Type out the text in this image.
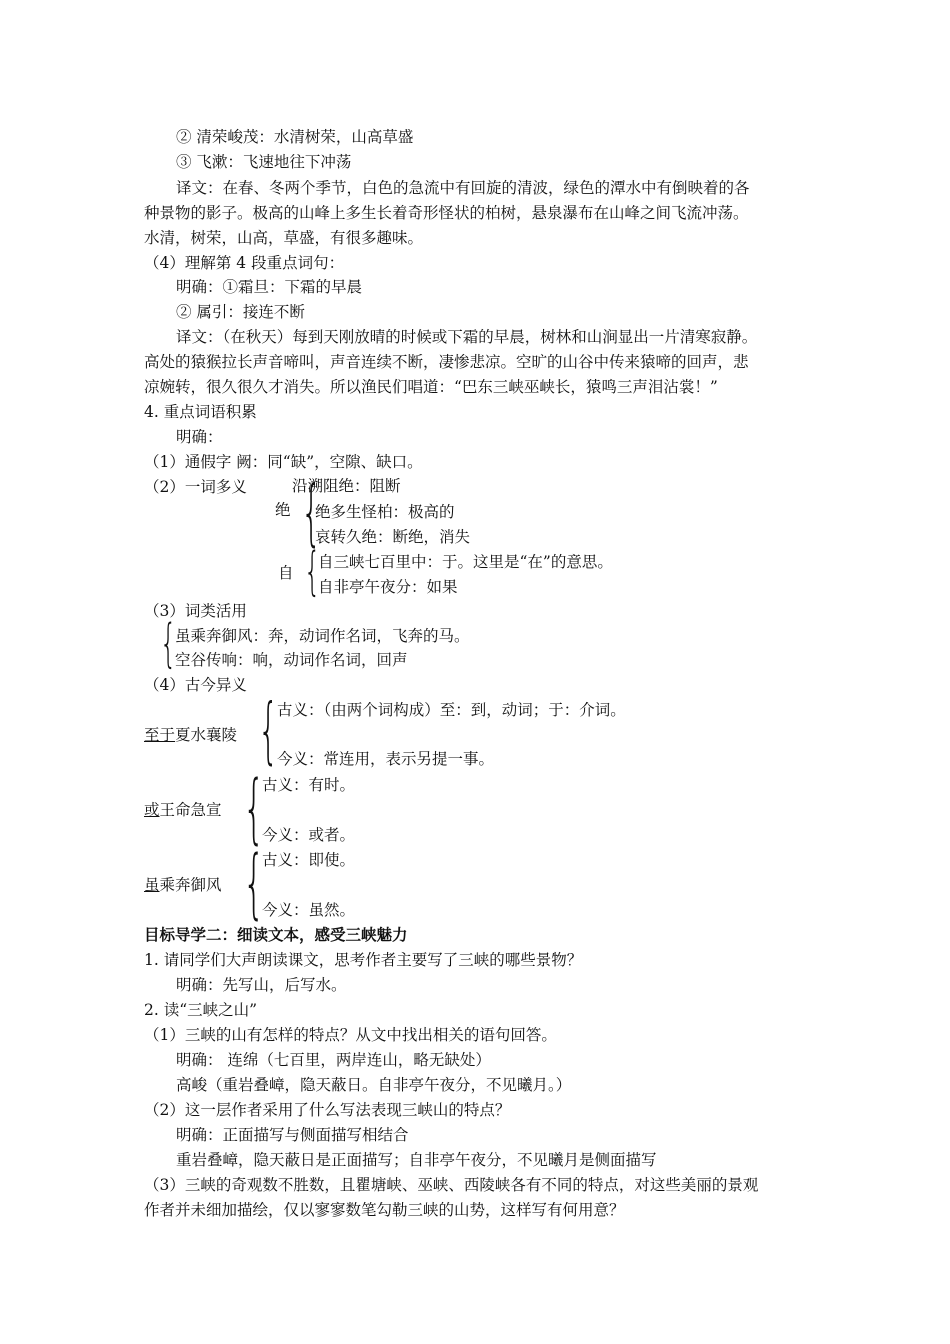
② 清荣峻茂：水清树荣，山高草盛
③ 飞漱：飞速地往下冲荡
译文：在春、冬两个季节，白色的急流中有回旋的清波，绿色的潭水中有倒映着的各
种景物的影子。极高的山峰上多生长着奇形怪状的柏树，悬泉瀑布在山峰之间飞流冲荡。
水清，树荣，山高，草盛，有很多趣味。
（4）理解第 4 段重点词句：
明确：①霜旦：下霜的早晨
② 属引：接连不断
译文：（在秋天）每到天刚放晴的时候或下霜的早晨，树林和山涧显出一片清寒寂静。
高处的猿猴拉长声音啼叫，声音连续不断，凄惨悲凉。空旷的山谷中传来猿啼的回声，悲
凉婉转，很久很久才消失。所以渔民们唱道：“巴东三峡巫峡长，猿鸣三声泪沾裳！”
4. 重点词语积累
明确：
（1）通假字 阙：同“缺”，空隙、缺口。
（2）一词多义	沿溯阻绝：阻断
绝 {
绝多生怪柏：极高的
哀转久绝：断绝，消失
自 {
自三峡七百里中：于。这里是“在”的意思。
自非亭午夜分：如果
（3）词类活用
{
虽乘奔御风：奔，动词作名词，飞奔的马。
空谷传响：响，动词作名词，回声
（4）古今异义
{
古义：（由两个词构成）至：到，动词；于：介词。
至于夏水襄陵
今义：常连用，表示另提一事。
{
古义：有时。
或王命急宣
今义：或者。
{
古义：即使。
虽乘奔御风
今义：虽然。
目标导学二：细读文本，感受三峡魅力
1. 请同学们大声朗读课文，思考作者主要写了三峡的哪些景物？
明确：先写山，后写水。
2. 读“三峡之山”
（1）三峡的山有怎样的特点？从文中找出相关的语句回答。
明确： 连绵（七百里，两岸连山，略无缺处）
高峻（重岩叠嶂，隐天蔽日。自非亭午夜分，不见曦月。）
（2）这一层作者采用了什么写法表现三峡山的特点？
明确：正面描写与侧面描写相结合
重岩叠嶂，隐天蔽日是正面描写；自非亭午夜分，不见曦月是侧面描写
（3）三峡的奇观数不胜数，且瞿塘峡、巫峡、西陵峡各有不同的特点，对这些美丽的景观
作者并未细加描绘，仅以寥寥数笔勾勒三峡的山势，这样写有何用意？
